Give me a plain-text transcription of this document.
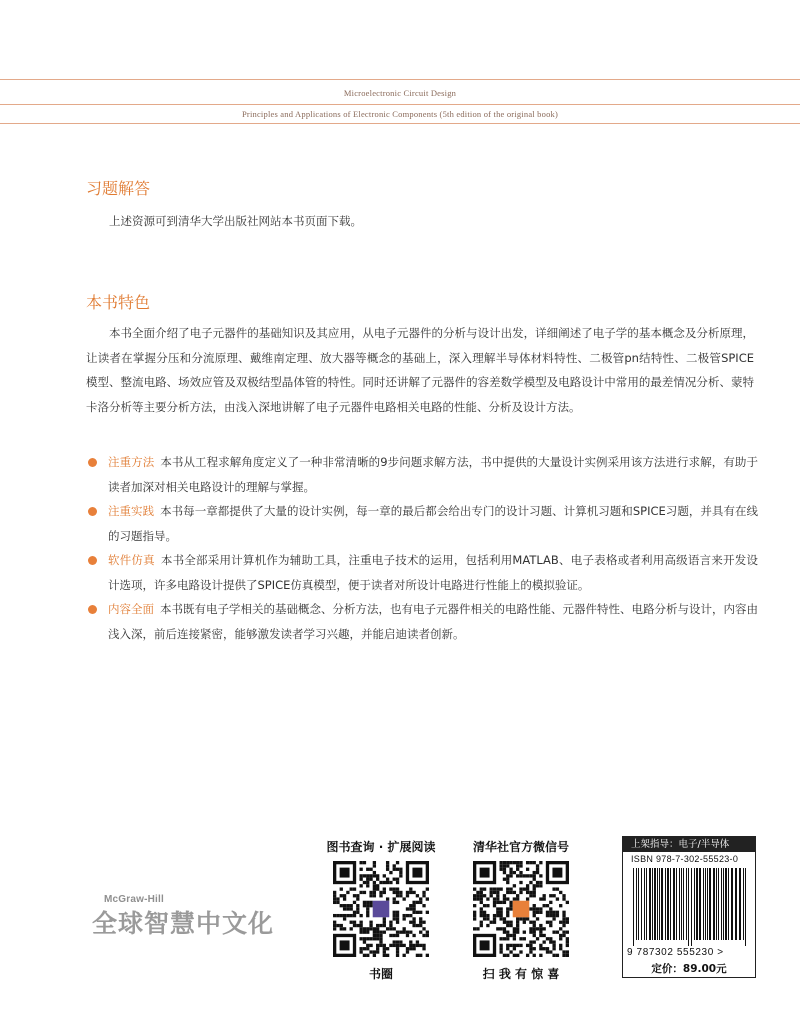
Microelectronic Circuit Design
Principles and Applications of Electronic Components (5th edition of the original book)
习题解答
上述资源可到清华大学出版社网站本书页面下载。
本书特色
本书全面介绍了电子元器件的基础知识及其应用，从电子元器件的分析与设计出发，详细阐述了电子学的基本概念及分析原理，让读者在掌握分压和分流原理、戴维南定理、放大器等概念的基础上，深入理解半导体材料特性、二极管pn结特性、二极管SPICE模型、整流电路、场效应管及双极结型晶体管的特性。同时还讲解了元器件的容差数学模型及电路设计中常用的最差情况分析、蒙特卡洛分析等主要分析方法，由浅入深地讲解了电子元器件电路相关电路的性能、分析及设计方法。
注重方法 本书从工程求解角度定义了一种非常清晰的9步问题求解方法，书中提供的大量设计实例采用该方法进行求解，有助于读者加深对相关电路设计的理解与掌握。
注重实践 本书每一章都提供了大量的设计实例，每一章的最后都会给出专门的设计习题、计算机习题和SPICE习题，并具有在线的习题指导。
软件仿真 本书全部采用计算机作为辅助工具，注重电子技术的运用，包括利用MATLAB、电子表格或者利用高级语言来开发设计选项，许多电路设计提供了SPICE仿真模型，便于读者对所设计电路进行性能上的模拟验证。
内容全面 本书既有电子学相关的基础概念、分析方法，也有电子元器件相关的电路性能、元器件特性、电路分析与设计，内容由浅入深，前后连接紧密，能够激发读者学习兴趣，并能启迪读者创新。
McGraw-Hill
全球智慧中文化
图书查询 · 扩展阅读
书圈
清华社官方微信号
扫 我 有 惊 喜
上架指导：电子/半导体
ISBN 978-7-302-55523-0
9 787302 555230 >
定价：89.00元
